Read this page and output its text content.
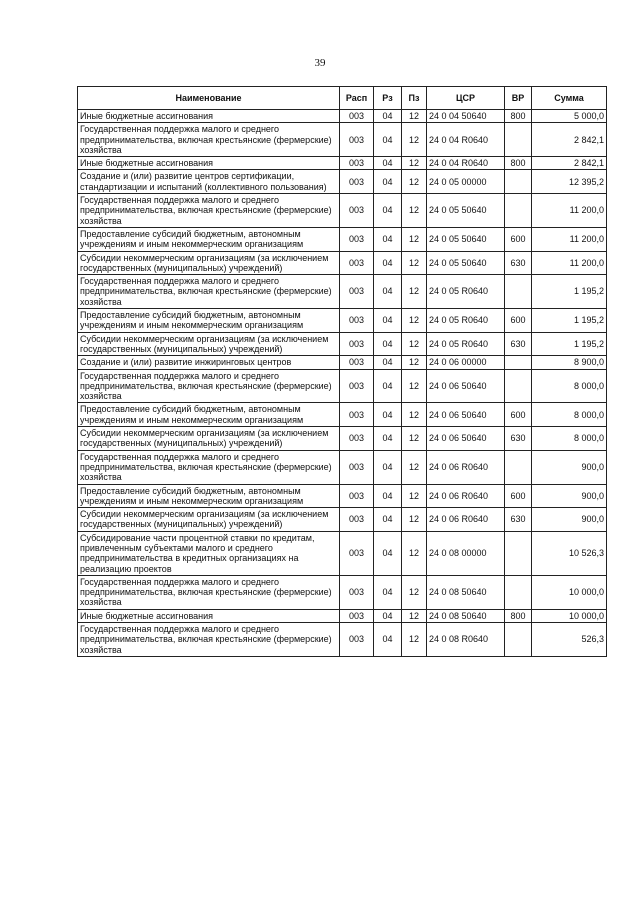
39
Наименование	Расп	Рз	Пз	ЦСР	ВР	Сумма
Иные бюджетные ассигнования	003	04	12	24 0 04 50640	800	5 000,0
Государственная поддержка малого и среднего предпринимательства, включая крестьянские (фермерские) хозяйства	003	04	12	24 0 04 R0640		2 842,1
Иные бюджетные ассигнования	003	04	12	24 0 04 R0640	800	2 842,1
Создание и (или) развитие центров сертификации, стандартизации и испытаний (коллективного пользования)	003	04	12	24 0 05 00000		12 395,2
Государственная поддержка малого и среднего предпринимательства, включая крестьянские (фермерские) хозяйства	003	04	12	24 0 05 50640		11 200,0
Предоставление субсидий бюджетным, автономным учреждениям и иным некоммерческим организациям	003	04	12	24 0 05 50640	600	11 200,0
Субсидии некоммерческим организациям (за исключением государственных (муниципальных) учреждений)	003	04	12	24 0 05 50640	630	11 200,0
Государственная поддержка малого и среднего предпринимательства, включая крестьянские (фермерские) хозяйства	003	04	12	24 0 05 R0640		1 195,2
Предоставление субсидий бюджетным, автономным учреждениям и иным некоммерческим организациям	003	04	12	24 0 05 R0640	600	1 195,2
Субсидии некоммерческим организациям (за исключением государственных (муниципальных) учреждений)	003	04	12	24 0 05 R0640	630	1 195,2
Создание и (или) развитие инжиринговых центров	003	04	12	24 0 06 00000		8 900,0
Государственная поддержка малого и среднего предпринимательства, включая крестьянские (фермерские) хозяйства	003	04	12	24 0 06 50640		8 000,0
Предоставление субсидий бюджетным, автономным учреждениям и иным некоммерческим организациям	003	04	12	24 0 06 50640	600	8 000,0
Субсидии некоммерческим организациям (за исключением государственных (муниципальных) учреждений)	003	04	12	24 0 06 50640	630	8 000,0
Государственная поддержка малого и среднего предпринимательства, включая крестьянские (фермерские) хозяйства	003	04	12	24 0 06 R0640		900,0
Предоставление субсидий бюджетным, автономным учреждениям и иным некоммерческим организациям	003	04	12	24 0 06 R0640	600	900,0
Субсидии некоммерческим организациям (за исключением государственных (муниципальных) учреждений)	003	04	12	24 0 06 R0640	630	900,0
Субсидирование части процентной ставки по кредитам, привлеченным субъектами малого и среднего предпринимательства в кредитных организациях на реализацию проектов	003	04	12	24 0 08 00000		10 526,3
Государственная поддержка малого и среднего предпринимательства, включая крестьянские (фермерские) хозяйства	003	04	12	24 0 08 50640		10 000,0
Иные бюджетные ассигнования	003	04	12	24 0 08 50640	800	10 000,0
Государственная поддержка малого и среднего предпринимательства, включая крестьянские (фермерские) хозяйства	003	04	12	24 0 08 R0640		526,3
